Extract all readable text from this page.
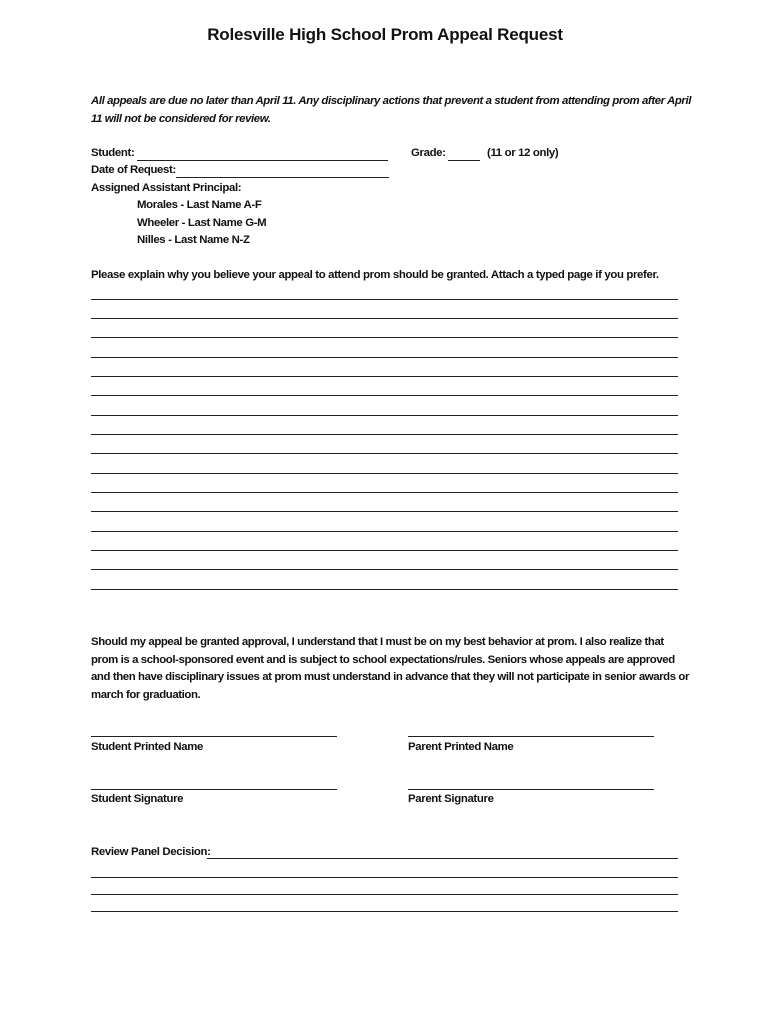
Rolesville High School Prom Appeal Request
All appeals are due no later than April 11. Any disciplinary actions that prevent a student from attending prom after April 11 will not be considered for review.
Student:	Grade:	(11 or 12 only)
Date of Request:
Assigned Assistant Principal:
Morales - Last Name A-F
Wheeler - Last Name G-M
Nilles - Last Name N-Z
Please explain why you believe your appeal to attend prom should be granted. Attach a typed page if you prefer.
Should my appeal be granted approval, I understand that I must be on my best behavior at prom. I also realize that prom is a school-sponsored event and is subject to school expectations/rules. Seniors whose appeals are approved and then have disciplinary issues at prom must understand in advance that they will not participate in senior awards or march for graduation.
Student Printed Name	Parent Printed Name
Student Signature	Parent Signature
Review Panel Decision:
